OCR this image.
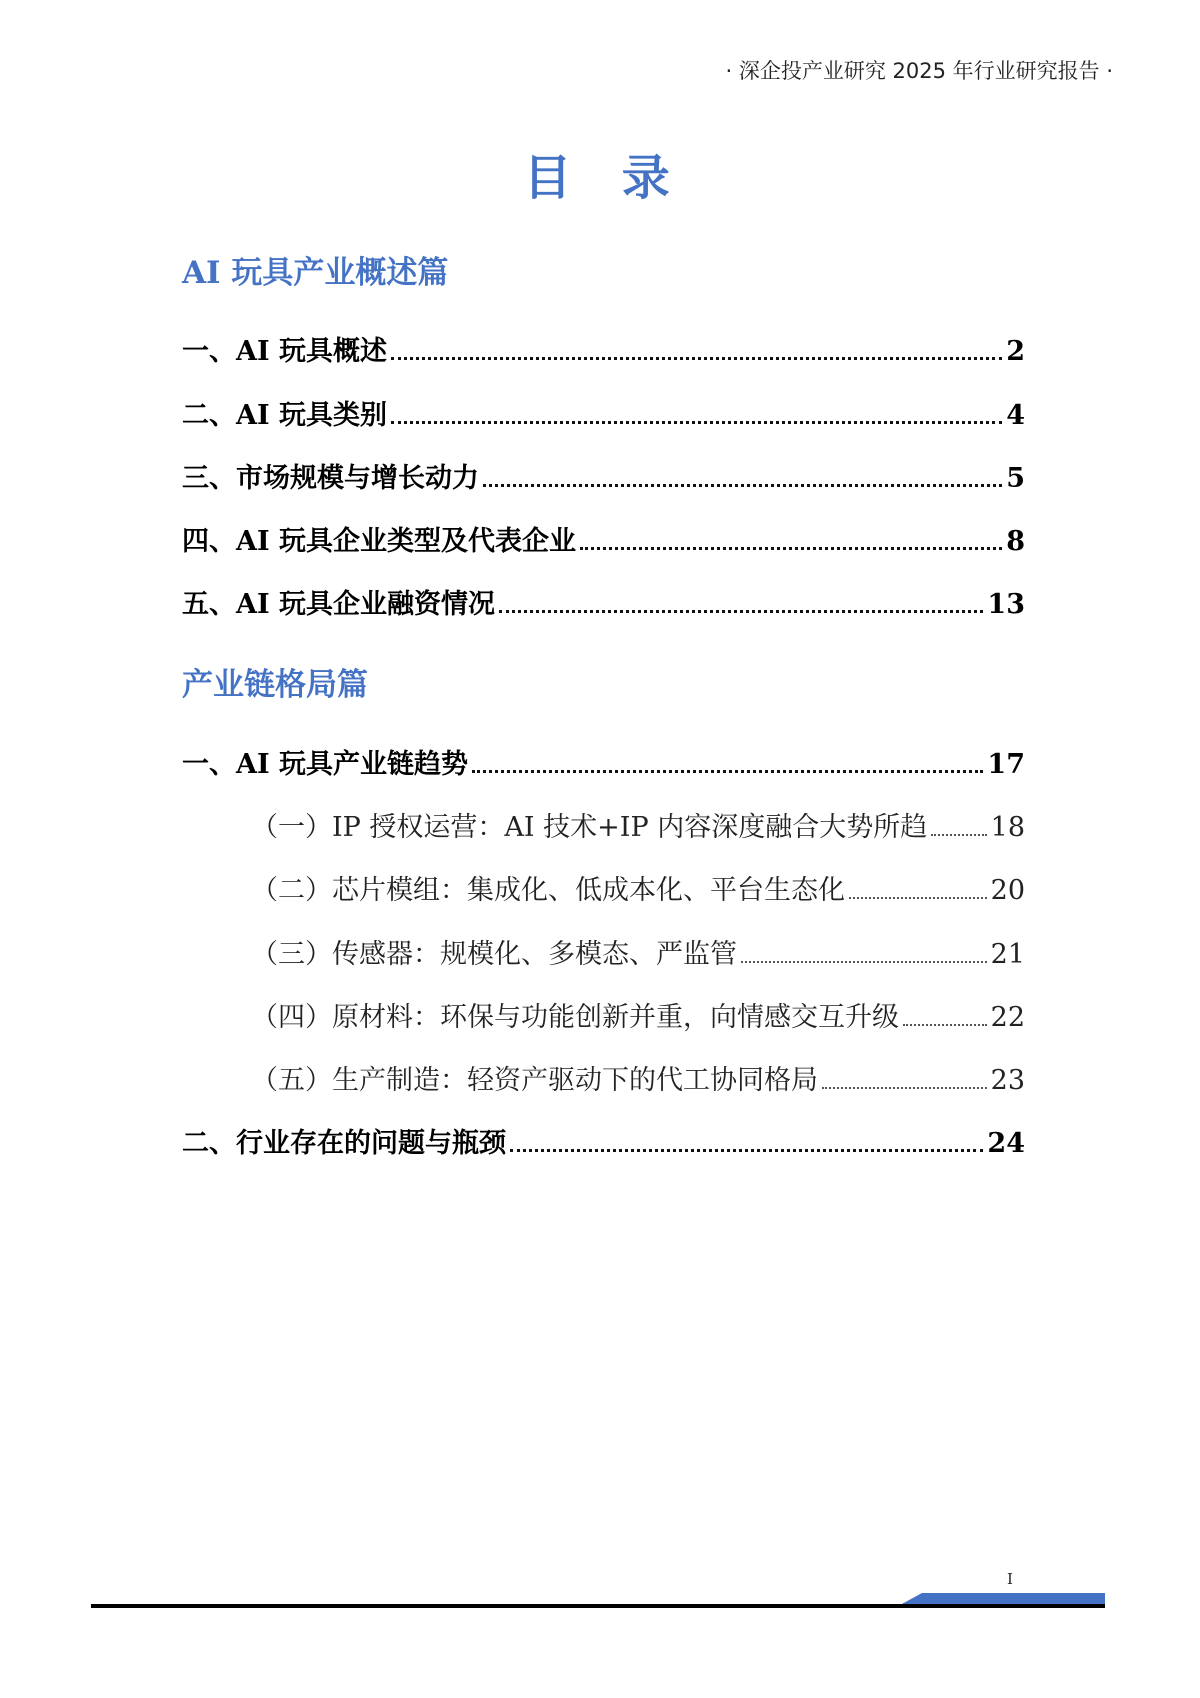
· 深企投产业研究 2025 年行业研究报告 ·
目 录
AI 玩具产业概述篇
一、AI 玩具概述	2
二、AI 玩具类别	4
三、市场规模与增长动力	5
四、AI 玩具企业类型及代表企业	8
五、AI 玩具企业融资情况	13
产业链格局篇
一、AI 玩具产业链趋势	17
（一）IP 授权运营：AI 技术+IP 内容深度融合大势所趋 18
（二）芯片模组：集成化、低成本化、平台生态化	20
（三）传感器：规模化、多模态、严监管	21
（四）原材料：环保与功能创新并重，向情感交互升级	22
（五）生产制造：轻资产驱动下的代工协同格局	23
二、行业存在的问题与瓶颈	24
I
